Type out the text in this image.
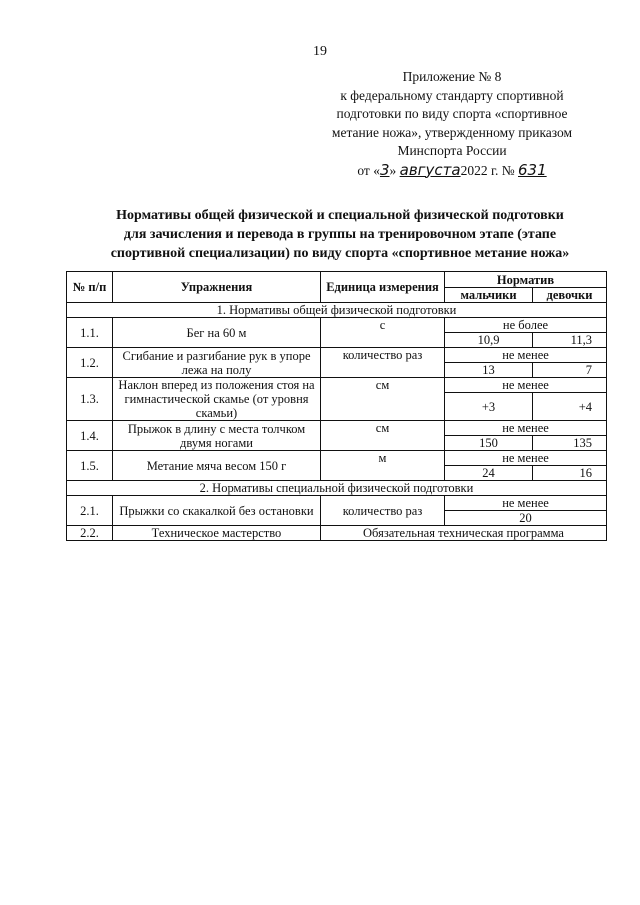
19
Приложение № 8
к федеральному стандарту спортивной
подготовки по виду спорта «спортивное
метание ножа», утвержденному приказом
Минспорта России
от «3» августа2022 г. № 631
Нормативы общей физической и специальной физической подготовки
для зачисления и перевода в группы на тренировочном этапе (этапе
спортивной специализации) по виду спорта «спортивное метание ножа»
№ п/п	Упражнения	Единица измерения	Норматив	
			мальчики	девочки
1. Нормативы общей физической подготовки				
1.1.	Бег на 60 м	с	не более	
			10,9	11,3
1.2.	Сгибание и разгибание рук в упоре лежа на полу	количество раз	не менее	
			13	7
1.3.	Наклон вперед из положения стоя на гимнастической скамье (от уровня скамьи)	см	не менее	
			+3	+4
1.4.	Прыжок в длину с места толчком двумя ногами	см	не менее	
			150	135
1.5.	Метание мяча весом 150 г	м	не менее	
			24	16
2. Нормативы специальной физической подготовки				
2.1.	Прыжки со скакалкой без остановки	количество раз	не менее	
			20	
2.2.	Техническое мастерство	Обязательная техническая программа		
